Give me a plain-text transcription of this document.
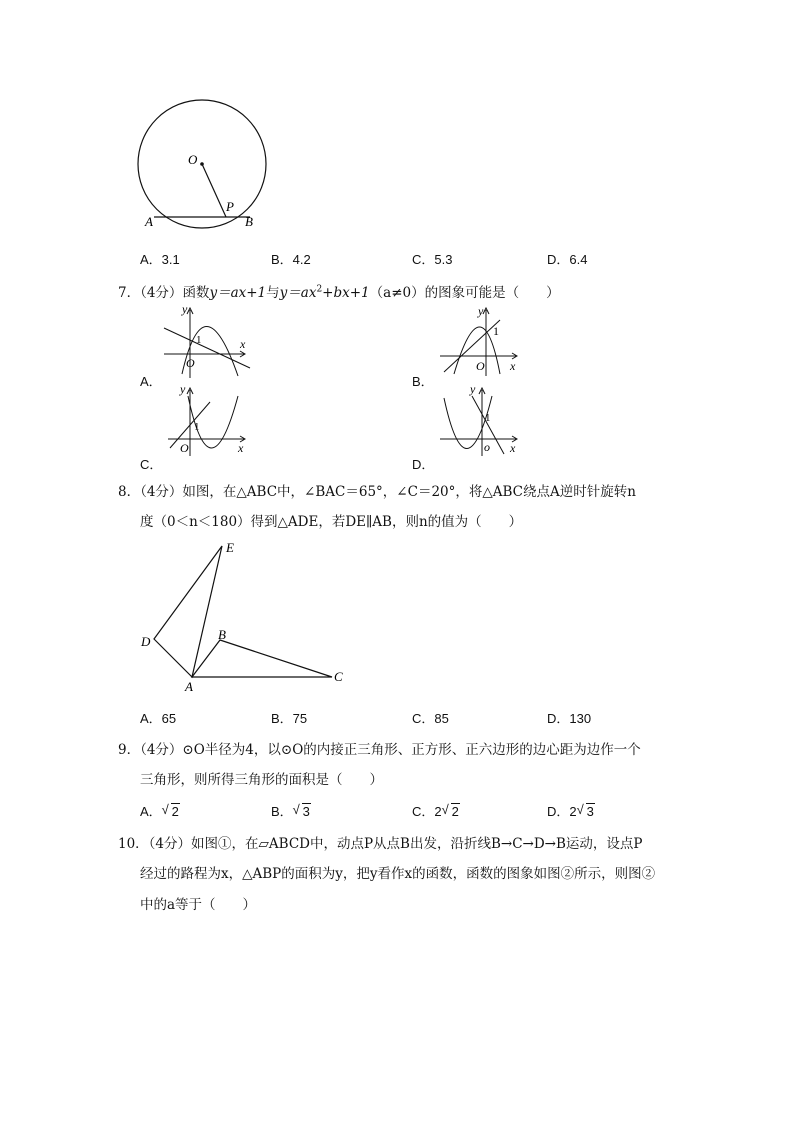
O
P
A	B
A．3.1	B．4.2	C．5.3	D．6.4
7．（4分）函数y＝ax+1与$y=ax^2+bx+1(a\ne 0)$的图象可能是（　　）
y
x
O
1
A．
y
x
O
1
B．
y
x
O
1
C．
y
x
o
1
D．
8．（4分）如图，在△ABC中，∠BAC＝65°，∠C＝20°，将△ABC绕点A逆时针旋转n
度（0＜n＜180）得到△ADE，若DE∥AB，则n的值为（　　）
E
D	B
A
C
A．65	B．75	C．85	D．130
9．（4分）⊙O半径为4，以⊙O的内接正三角形、正方形、正六边形的边心距为边作一个
三角形，则所得三角形的面积是（　　）
A． √ 2	B． √ 3	C．2 √ 2	D．2 √ 3
10．（4分）如图①，在▱ABCD中，动点P从点B出发，沿折线B→C→D→B运动，设点P
经过的路程为x，△ABP的面积为y，把y看作x的函数，函数的图象如图②所示，则图②
中的a等于（　　）
